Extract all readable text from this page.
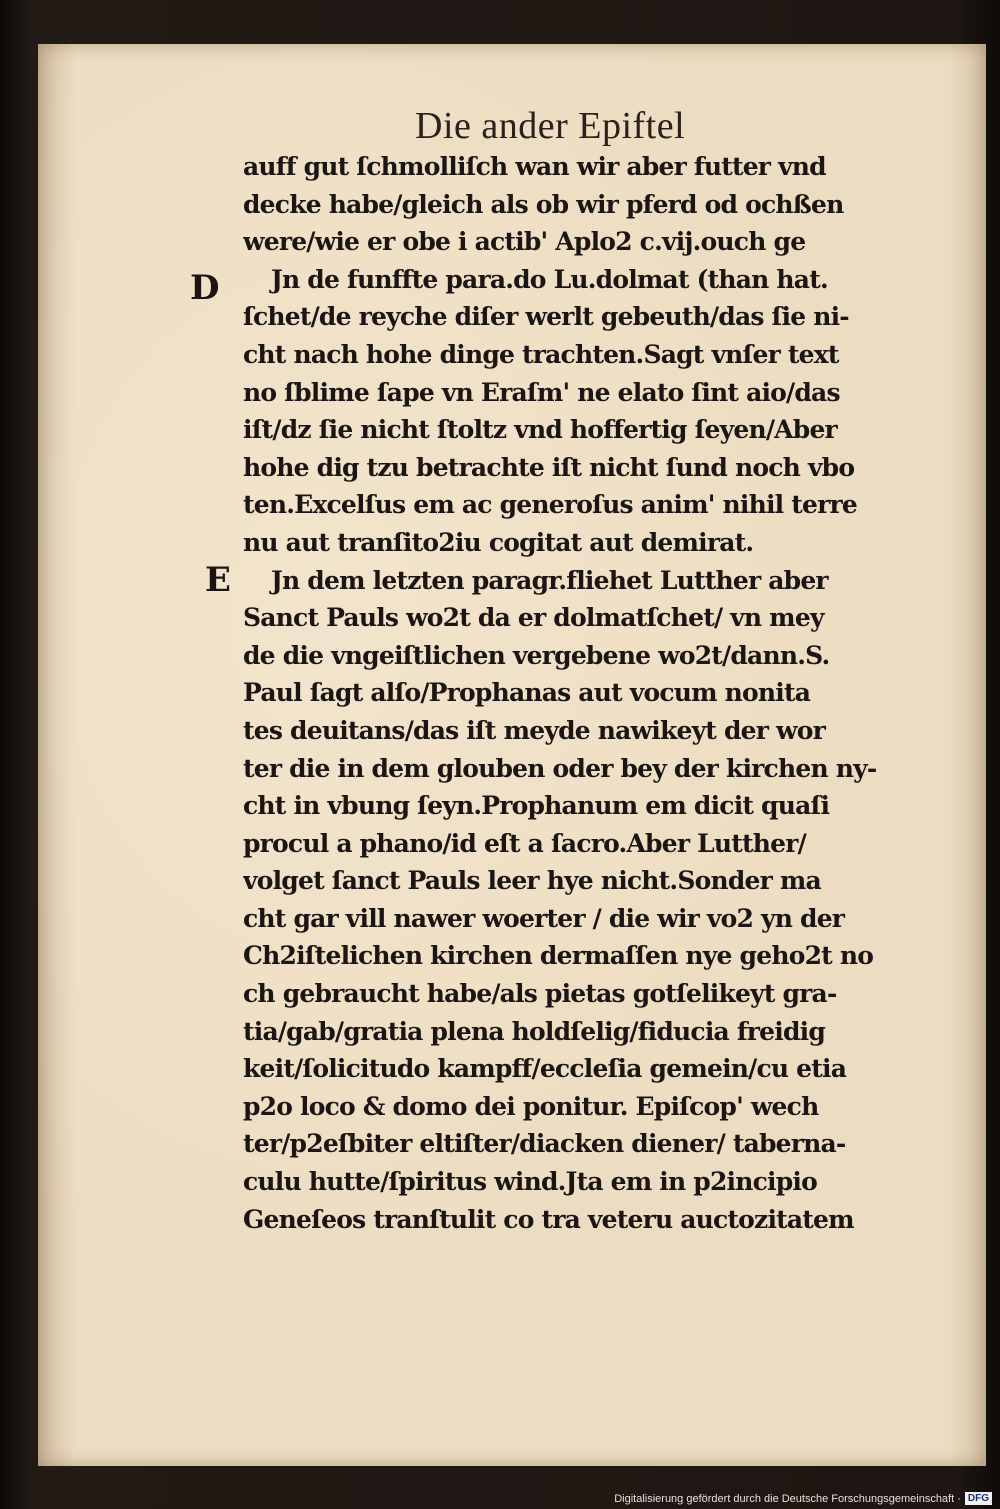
Die ander Epiftel
D
E
auff gut ſchmolliſch wan wir aber futter vnd
decke habe/gleich als ob wir pferd od ochßen
were/wie er obe i actib' Aplo2 c.vij.ouch ge
Jn de funffte para.do Lu.dolmat (than hat.
ſchet/de reyche diſer werlt gebeuth/das ſie ni-
cht nach hohe dinge trachten.Sagt vnſer text
no ſblime ſape vn Eraſm' ne elato ſint aio/das
iſt/dz ſie nicht ſtoltz vnd hoffertig ſeyen/Aber
hohe dig tzu betrachte iſt nicht ſund noch vbo
ten.Excelſus em ac generoſus anim' nihil terre
nu aut tranſito2iu cogitat aut demirat.
Jn dem letzten paragr.fliehet Lutther aber
Sanct Pauls wo2t da er dolmatſchet/ vn mey
de die vngeiſtlichen vergebene wo2t/dann.S.
Paul ſagt alſo/Prophanas aut vocum nonita
tes deuitans/das iſt meyde nawikeyt der wor
ter die in dem glouben oder bey der kirchen ny-
cht in vbung ſeyn.Prophanum em dicit quaſi
procul a phano/id eſt a ſacro.Aber Lutther/
volget ſanct Pauls leer hye nicht.Sonder ma
cht gar vill nawer woerter / die wir vo2 yn der
Ch2iſtelichen kirchen dermaſſen nye geho2t no
ch gebraucht habe/als pietas gotſelikeyt gra-
tia/gab/gratia plena holdſelig/fiducia freidig
keit/ſolicitudo kampff/eccleſia gemein/cu etia
p2o loco & domo dei ponitur. Epiſcop' wech
ter/p2eſbiter eltiſter/diacken diener/ taberna-
culu hutte/ſpiritus wind.Jta em in p2incipio
Geneſeos tranſtulit co tra veteru auctozitatem
Digitalisierung gefördert durch die Deutsche Forschungsgemeinschaft · DFG
